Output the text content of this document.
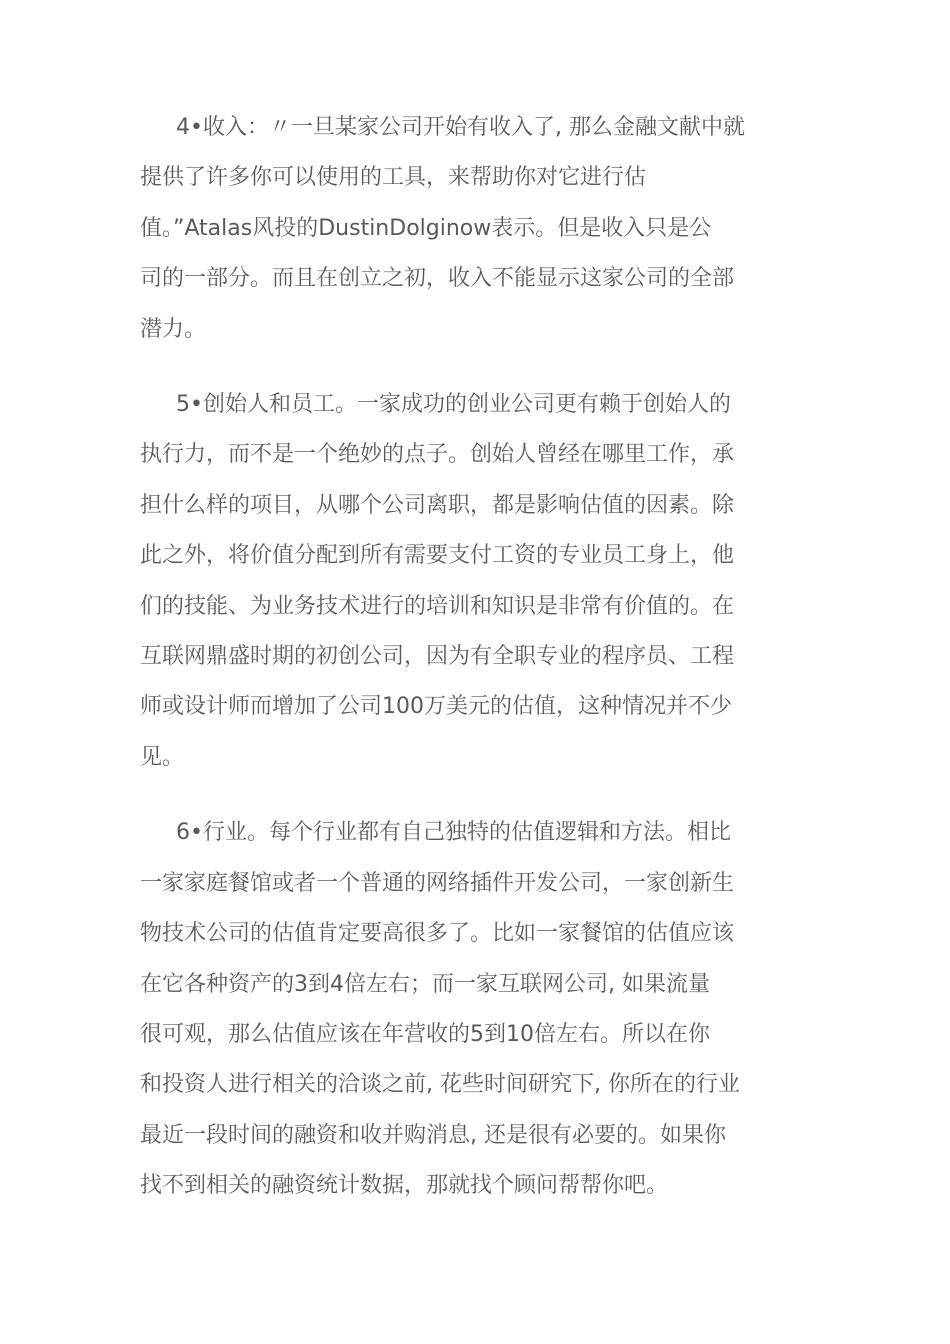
4•收入：〃一旦某家公司开始有收入了, 那么金融文献中就
提供了许多你可以使用的工具，来帮助你对它进行估
值。”Atalas风投的DustinDolginow表示。但是收入只是公
司的一部分。而且在创立之初，收入不能显示这家公司的全部
潜力。

5•创始人和员工。一家成功的创业公司更有赖于创始人的
执行力，而不是一个绝妙的点子。创始人曾经在哪里工作，承
担什么样的项目，从哪个公司离职，都是影响估值的因素。除
此之外，将价值分配到所有需要支付工资的专业员工身上，他
们的技能、为业务技术进行的培训和知识是非常有价值的。在
互联网鼎盛时期的初创公司，因为有全职专业的程序员、工程
师或设计师而增加了公司100万美元的估值，这种情况并不少
见。

6•行业。每个行业都有自己独特的估值逻辑和方法。相比
一家家庭餐馆或者一个普通的网络插件开发公司，一家创新生
物技术公司的估值肯定要高很多了。比如一家餐馆的估值应该
在它各种资产的3到4倍左右；而一家互联网公司, 如果流量
很可观，那么估值应该在年营收的5到10倍左右。所以在你
和投资人进行相关的洽谈之前, 花些时间研究下, 你所在的行业
最近一段时间的融资和收并购消息, 还是很有必要的。如果你
找不到相关的融资统计数据，那就找个顾问帮帮你吧。
